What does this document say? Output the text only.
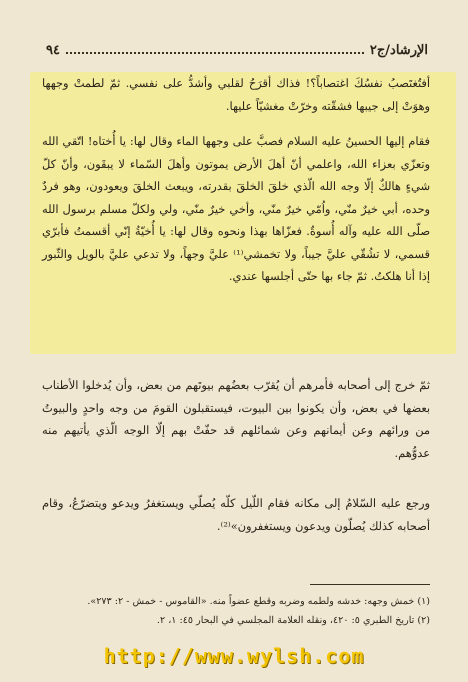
الإرشاد/ج٢
٩٤

أفتُغتَصبُ نفسُكَ اغتصاباً؟! فذاك أقرَحُ لقلبي وأشدُّ على نفسي. ثمّ لطمتْ وجهها وهوَتْ إلى جيبها فشقّته وخرّتْ مغشيّاً عليها.

فقام إليها الحسينُ عليه السلام فصبَّ على وجهها الماء وقال لها: يا أُختاه! اتّقي الله وتعزّي بعزاء الله، واعلمي أنّ أهلَ الأرض يموتون وأهلَ السّماء لا يبقَون، وأنّ كلّ شيءٍ هالكٌ إلّا وجه الله الّذي خلقَ الخلقَ بقدرته، ويبعث الخلقَ ويعودون، وهو فردٌ وحده، أبي خيرٌ منّي، واُمّي خيرٌ منّي، وأخي خيرٌ منّي، ولي ولكلّ مسلم برسول الله صلّى الله عليه وآله أُسوةٌ. فعزّاها بهذا ونحوه وقال لها: يا أُخيّةُ إنّي أقسمتُ فأبرّي قسمي، لا تشُقّي عليَّ جيباً، ولا تخمشي⁽¹⁾ عليَّ وجهاً، ولا تدعي عليَّ بالويل والثّبور إذا أنا هلكتُ. ثمّ جاء بها حتّى أجلسها عندي.

ثمّ خرج إلى أصحابه فأمرهم أن يُقرّب بعضُهم بيوتَهم من بعض، وأن يُدخلوا الأطناب بعضها في بعض، وأن يكونوا بين البيوت، فيستقبلون القومَ من وجه واحدٍ والبيوتُ من ورائهم وعن أيمانهم وعن شمائلهم قد حفّتْ بهم إلّا الوجه الّذي يأتيهم منه عدوُّهم.

ورجع عليه السّلامُ إلى مكانه فقام اللّيل كلّه يُصلّي ويستغفرُ ويدعو ويتضرّعُ، وقام أصحابه كذلك يُصلّون ويدعون ويستغفرون»⁽²⁾.

(١) خمش وجهه: خدشه ولطمه وضربه وقطع عضواً منه. «القاموس - خمش - ٢: ٢٧٣».

(٢) تاريخ الطبري ٥: ٤٢٠، ونقله العلامة المجلسي في البحار ٤٥: ١، ٢.

http://www.wylsh.com
